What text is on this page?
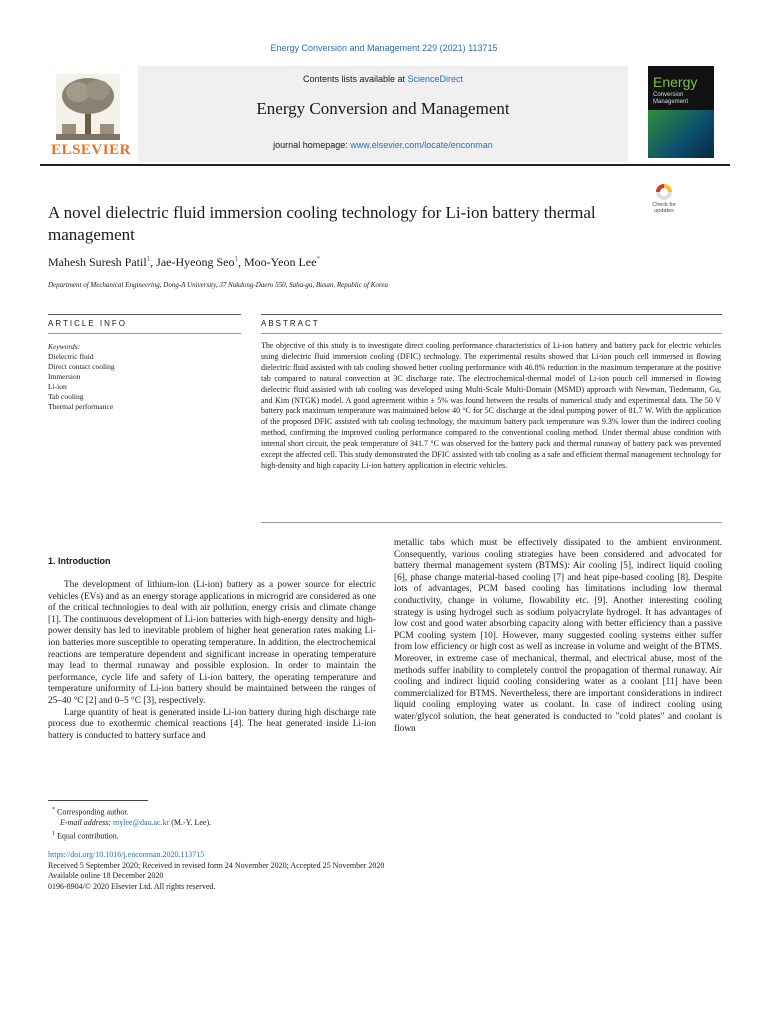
Energy Conversion and Management 229 (2021) 113715
ELSEVIER
Contents lists available at ScienceDirect
Energy Conversion and Management
journal homepage: www.elsevier.com/locate/enconman
Energy
Conversion
Management
A novel dielectric fluid immersion cooling technology for Li-ion battery thermal management
Check for updates
Mahesh Suresh Patil$^1$, Jae-Hyeong Seo$^1$, Moo-Yeon Lee*
Department of Mechanical Engineering, Dong-A University, 37 Nakdong-Daero 550, Saha-gu, Busan, Republic of Korea
ARTICLE INFO	ABSTRACT
Keywords:
Dielectric fluid
Direct contact cooling
Immersion
Li-ion
Tab cooling
Thermal performance

The objective of this study is to investigate direct cooling performance characteristics of Li-ion battery and battery pack for electric vehicles using dielectric fluid immersion cooling (DFIC) technology. The experimental results showed that Li-ion pouch cell immersed in flowing dielectric fluid assisted with tab cooling showed better cooling performance with 46.8% reduction in the maximum temperature at the positive tab compared to natural convection at 3C discharge rate. The electrochemical-thermal model of Li-ion pouch cell immersed in flowing dielectric fluid assisted with tab cooling was developed using Multi-Scale Multi-Domain (MSMD) approach with Newman, Tiedemann, Gu, and Kim (NTGK) model. A good agreement within ± 5% was found between the results of numerical study and experimental data. The 50 V battery pack maximum temperature was maintained below 40 °C for 5C discharge at the ideal pumping power of 81.7 W. With the application of the proposed DFIC assisted with tab cooling technology, the maximum battery pack temperature was 9.3% lower than the indirect cooling method, confirming the improved cooling performance compared to the conventional cooling method. Under thermal abuse condition with internal short circuit, the peak temperature of 341.7 °C was observed for the battery pack and thermal runaway of battery pack was prevented except the affected cell. This study demonstrated the DFIC assisted with tab cooling as a safe and efficient thermal management technology for high-density and high capacity Li-ion battery application in electric vehicles.

1. Introduction

The development of lithium-ion (Li-ion) battery as a power source for electric vehicles (EVs) and as an energy storage applications in microgrid are considered as one of the critical technologies to deal with air pollution, energy crisis and climate change [1]. The continuous development of Li-ion batteries with high-energy density and high-power density has led to inevitable problem of higher heat generation rates making Li-ion batteries more susceptible to operating temperature. In addition, the electrochemical reactions are temperature dependent and significant increase in operating temperature may lead to thermal runaway and possible explosion. In order to maintain the performance, cycle life and safety of Li-ion battery, the operating temperature and temperature uniformity of Li-ion battery should be maintained between the ranges of 25–40 °C [2] and 0–5 °C [3], respectively.

Large quantity of heat is generated inside Li-ion battery during high discharge rate process due to exothermic chemical reactions [4]. The heat generated inside Li-ion battery is conducted to battery surface and

metallic tabs which must be effectively dissipated to the ambient environment. Consequently, various cooling strategies have been considered and advocated for battery thermal management system (BTMS): Air cooling [5], indirect liquid cooling [6], phase change material-based cooling [7] and heat pipe-based cooling [8]. Despite lots of advantages, PCM based cooling has limitations including low thermal conductivity, change in volume, flowability etc. [9]. Another interesting cooling strategy is using hydrogel such as sodium polyacrylate hydrogel. It has advantages of low cost and good water absorbing capacity along with better efficiency than a passive PCM cooling system [10]. However, many suggested cooling systems either suffer from low efficiency or high cost as well as increase in volume and weight of the BTMS. Moreover, in extreme case of mechanical, thermal, and electrical abuse, most of the methods suffer inability to completely control the propagation of thermal runaway. Air cooling and indirect liquid cooling considering water as a coolant [11] have been commercialized for BTMS. Nevertheless, there are important considerations in indirect liquid cooling employing water as coolant. In case of indirect cooling using water/glycol solution, the heat generated is conducted to "cold plates" and coolant is flown

* Corresponding author.
E-mail address: mylee@dau.ac.kr (M.-Y. Lee).
$^1$ Equal contribution.
https://doi.org/10.1016/j.enconman.2020.113715
Received 5 September 2020; Received in revised form 24 November 2020; Accepted 25 November 2020
Available online 18 December 2020
0196-8904/© 2020 Elsevier Ltd. All rights reserved.
